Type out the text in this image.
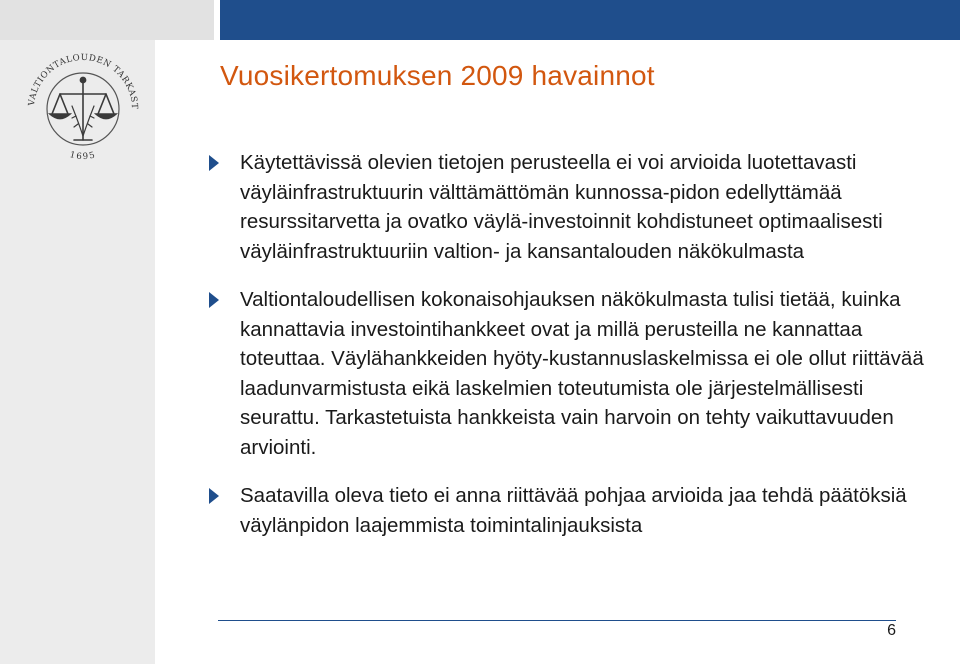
VALTIONTALOUDEN TARKAST
1695
Vuosikertomuksen 2009 havainnot
Käytettävissä olevien tietojen perusteella ei voi arvioida luotettavasti väyläinfrastruktuurin välttämättömän kunnossa-pidon edellyttämää resurssitarvetta ja ovatko väylä-investoinnit kohdistuneet optimaalisesti väyläinfrastruktuuriin valtion- ja kansantalouden näkökulmasta
Valtiontaloudellisen kokonaisohjauksen näkökulmasta tulisi tietää, kuinka kannattavia investointihankkeet ovat ja millä perusteilla ne kannattaa toteuttaa. Väylähankkeiden hyöty-kustannuslaskelmissa ei ole ollut riittävää laadunvarmistusta eikä laskelmien toteutumista ole järjestelmällisesti seurattu. Tarkastetuista hankkeista vain harvoin on tehty vaikuttavuuden arviointi.
Saatavilla oleva tieto ei anna riittävää pohjaa arvioida jaa tehdä päätöksiä väylänpidon laajemmista toimintalinjauksista
6
